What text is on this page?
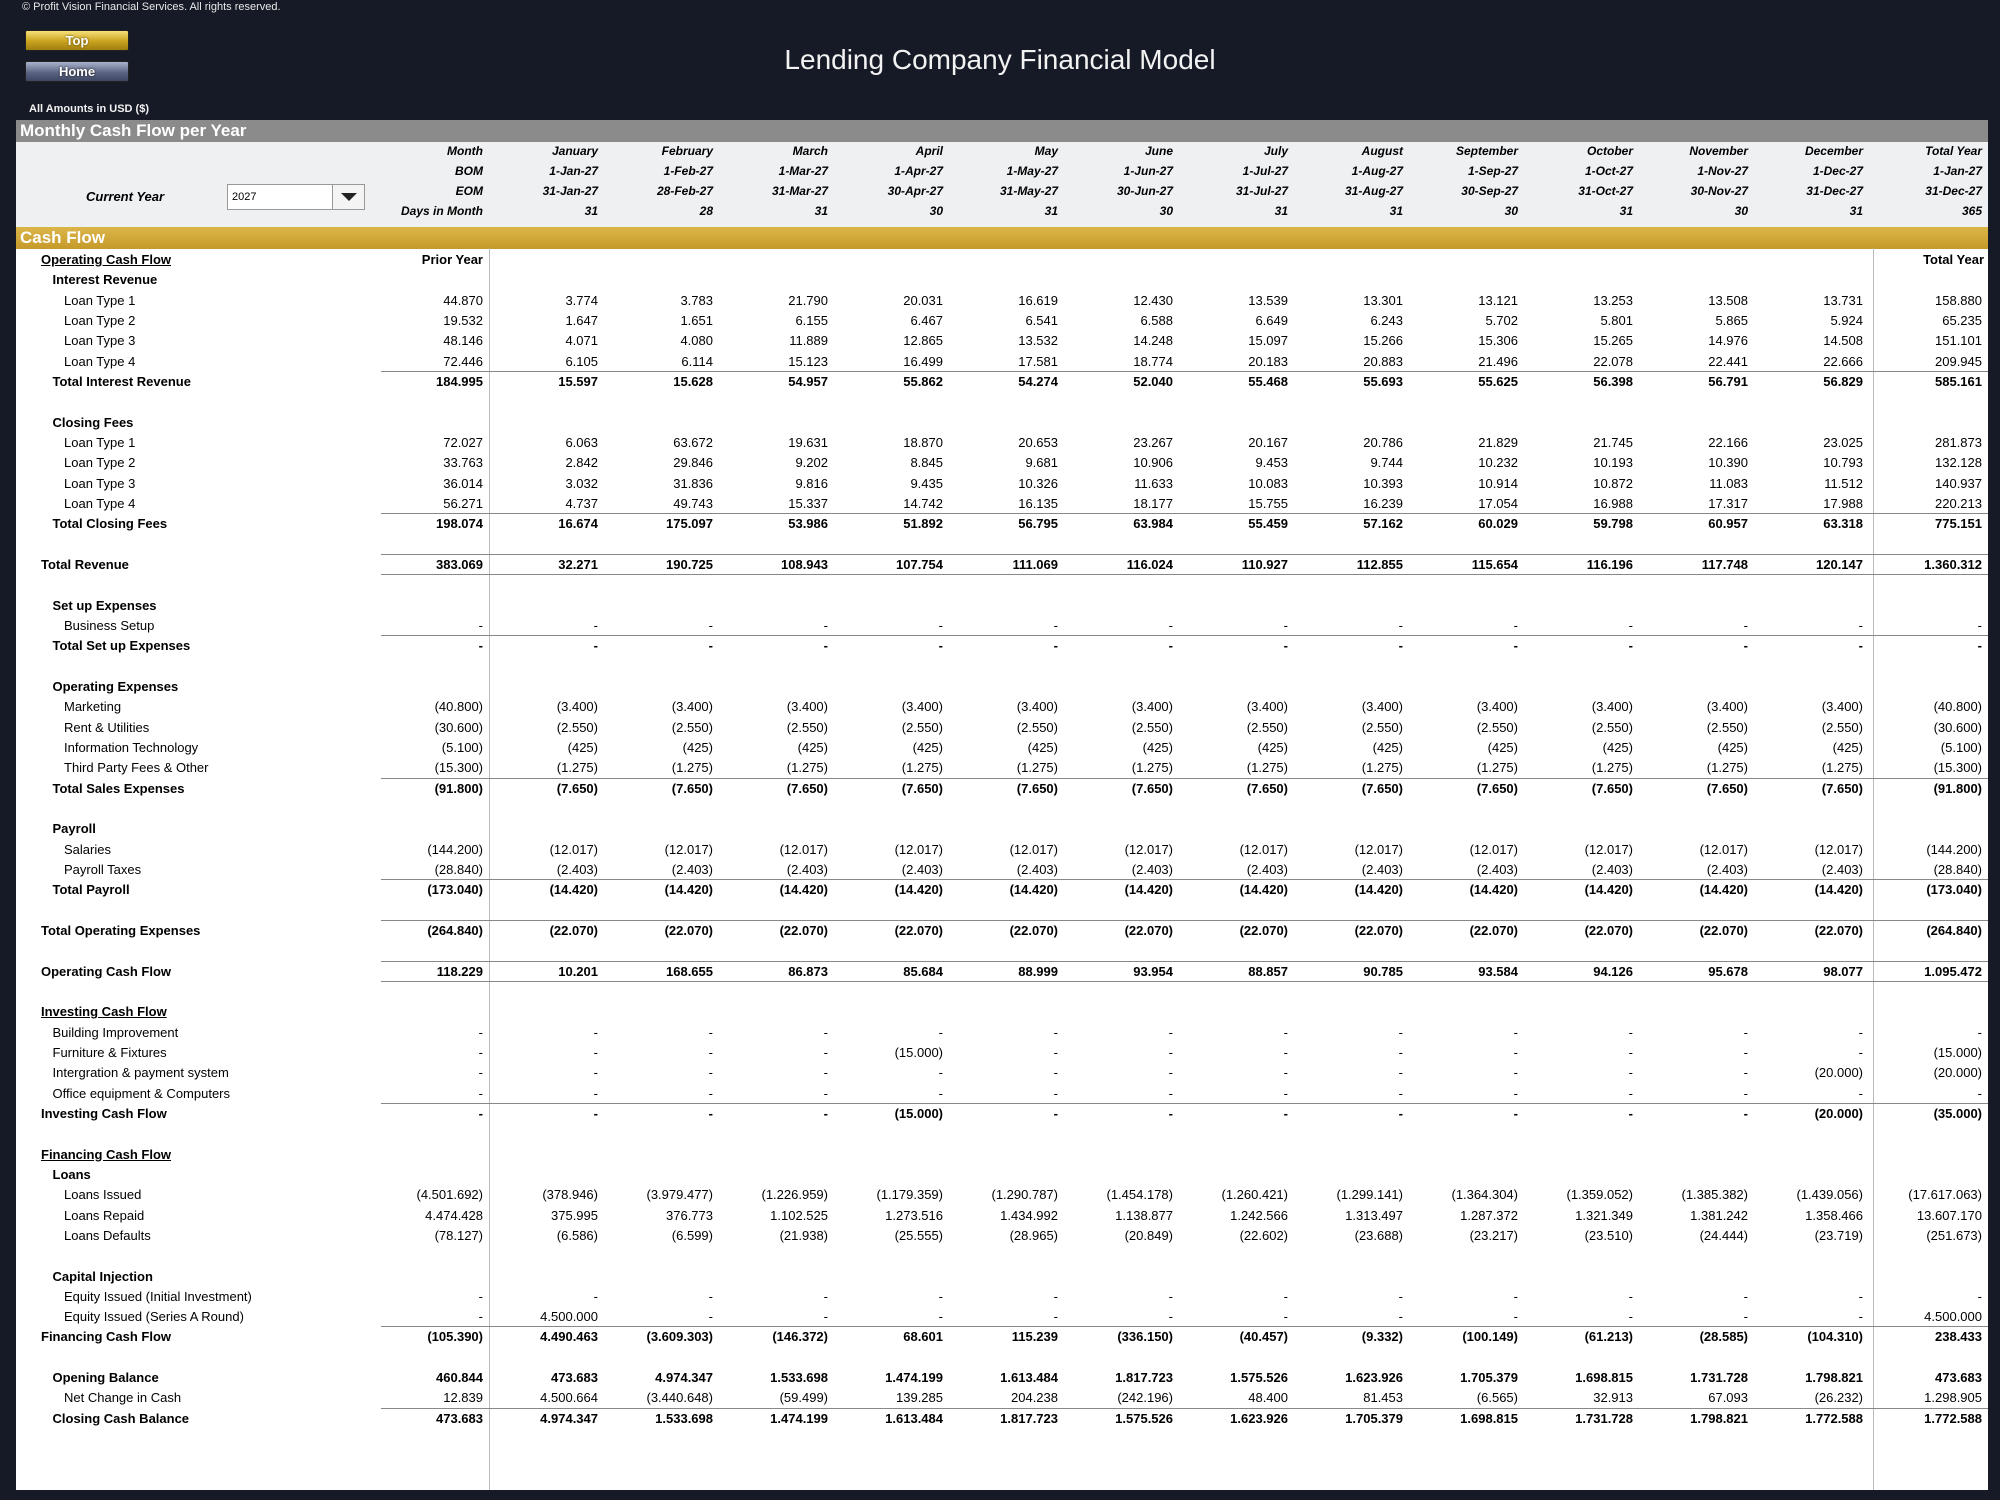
© Profit Vision Financial Services. All rights reserved.
Top
Home	Lending Company Financial Model
All Amounts in USD ($)
Monthly Cash Flow per Year
Current Year	2027
Month	January	February	March	April	May	June	July	August	September	October	November	December	Total Year
BOM	1-Jan-27	1-Feb-27	1-Mar-27	1-Apr-27	1-May-27	1-Jun-27	1-Jul-27	1-Aug-27	1-Sep-27	1-Oct-27	1-Nov-27	1-Dec-27	1-Jan-27
EOM	31-Jan-27	28-Feb-27	31-Mar-27	30-Apr-27	31-May-27	30-Jun-27	31-Jul-27	31-Aug-27	30-Sep-27	31-Oct-27	30-Nov-27	31-Dec-27	31-Dec-27
Days in Month	31	28	31	30	31	30	31	31	30	31	30	31	365
Cash Flow
Prior Year	Total Year
Operating Cash Flow
Interest Revenue
Loan Type 1	44.870	3.774	3.783	21.790	20.031	16.619	12.430	13.539	13.301	13.121	13.253	13.508	13.731	158.880
Loan Type 2	19.532	1.647	1.651	6.155	6.467	6.541	6.588	6.649	6.243	5.702	5.801	5.865	5.924	65.235
Loan Type 3	48.146	4.071	4.080	11.889	12.865	13.532	14.248	15.097	15.266	15.306	15.265	14.976	14.508	151.101
Loan Type 4	72.446	6.105	6.114	15.123	16.499	17.581	18.774	20.183	20.883	21.496	22.078	22.441	22.666	209.945
Total Interest Revenue	184.995	15.597	15.628	54.957	55.862	54.274	52.040	55.468	55.693	55.625	56.398	56.791	56.829	585.161
Closing Fees
Loan Type 1	72.027	6.063	63.672	19.631	18.870	20.653	23.267	20.167	20.786	21.829	21.745	22.166	23.025	281.873
Loan Type 2	33.763	2.842	29.846	9.202	8.845	9.681	10.906	9.453	9.744	10.232	10.193	10.390	10.793	132.128
Loan Type 3	36.014	3.032	31.836	9.816	9.435	10.326	11.633	10.083	10.393	10.914	10.872	11.083	11.512	140.937
Loan Type 4	56.271	4.737	49.743	15.337	14.742	16.135	18.177	15.755	16.239	17.054	16.988	17.317	17.988	220.213
Total Closing Fees	198.074	16.674	175.097	53.986	51.892	56.795	63.984	55.459	57.162	60.029	59.798	60.957	63.318	775.151
Total Revenue	383.069	32.271	190.725	108.943	107.754	111.069	116.024	110.927	112.855	115.654	116.196	117.748	120.147	1.360.312
Set up Expenses
Business Setup	-	-	-	-	-	-	-	-	-	-	-	-	-	-
Total Set up Expenses	-	-	-	-	-	-	-	-	-	-	-	-	-	-
Operating Expenses
Marketing	(40.800)	(3.400)	(3.400)	(3.400)	(3.400)	(3.400)	(3.400)	(3.400)	(3.400)	(3.400)	(3.400)	(3.400)	(3.400)	(40.800)
Rent & Utilities	(30.600)	(2.550)	(2.550)	(2.550)	(2.550)	(2.550)	(2.550)	(2.550)	(2.550)	(2.550)	(2.550)	(2.550)	(2.550)	(30.600)
Information Technology	(5.100)	(425)	(425)	(425)	(425)	(425)	(425)	(425)	(425)	(425)	(425)	(425)	(425)	(5.100)
Third Party Fees & Other	(15.300)	(1.275)	(1.275)	(1.275)	(1.275)	(1.275)	(1.275)	(1.275)	(1.275)	(1.275)	(1.275)	(1.275)	(1.275)	(15.300)
Total Sales Expenses	(91.800)	(7.650)	(7.650)	(7.650)	(7.650)	(7.650)	(7.650)	(7.650)	(7.650)	(7.650)	(7.650)	(7.650)	(7.650)	(91.800)
Payroll
Salaries	(144.200)	(12.017)	(12.017)	(12.017)	(12.017)	(12.017)	(12.017)	(12.017)	(12.017)	(12.017)	(12.017)	(12.017)	(12.017)	(144.200)
Payroll Taxes	(28.840)	(2.403)	(2.403)	(2.403)	(2.403)	(2.403)	(2.403)	(2.403)	(2.403)	(2.403)	(2.403)	(2.403)	(2.403)	(28.840)
Total Payroll	(173.040)	(14.420)	(14.420)	(14.420)	(14.420)	(14.420)	(14.420)	(14.420)	(14.420)	(14.420)	(14.420)	(14.420)	(14.420)	(173.040)
Total Operating Expenses	(264.840)	(22.070)	(22.070)	(22.070)	(22.070)	(22.070)	(22.070)	(22.070)	(22.070)	(22.070)	(22.070)	(22.070)	(22.070)	(264.840)
Operating Cash Flow	118.229	10.201	168.655	86.873	85.684	88.999	93.954	88.857	90.785	93.584	94.126	95.678	98.077	1.095.472
Investing Cash Flow
Building Improvement	-	-	-	-	-	-	-	-	-	-	-	-	-	-
Furniture & Fixtures	-	-	-	-	(15.000)	-	-	-	-	-	-	-	-	(15.000)
Intergration & payment system	-	-	-	-	-	-	-	-	-	-	-	-	(20.000)	(20.000)
Office equipment & Computers	-	-	-	-	-	-	-	-	-	-	-	-	-	-
Investing Cash Flow	-	-	-	-	(15.000)	-	-	-	-	-	-	-	(20.000)	(35.000)
Financing Cash Flow
Loans
Loans Issued	(4.501.692)	(378.946)	(3.979.477)	(1.226.959)	(1.179.359)	(1.290.787)	(1.454.178)	(1.260.421)	(1.299.141)	(1.364.304)	(1.359.052)	(1.385.382)	(1.439.056)	(17.617.063)
Loans Repaid	4.474.428	375.995	376.773	1.102.525	1.273.516	1.434.992	1.138.877	1.242.566	1.313.497	1.287.372	1.321.349	1.381.242	1.358.466	13.607.170
Loans Defaults	(78.127)	(6.586)	(6.599)	(21.938)	(25.555)	(28.965)	(20.849)	(22.602)	(23.688)	(23.217)	(23.510)	(24.444)	(23.719)	(251.673)
Capital Injection
Equity Issued (Initial Investment)	-	-	-	-	-	-	-	-	-	-	-	-	-	-
Equity Issued (Series A Round)	-	4.500.000	-	-	-	-	-	-	-	-	-	-	-	4.500.000
Financing Cash Flow	(105.390)	4.490.463	(3.609.303)	(146.372)	68.601	115.239	(336.150)	(40.457)	(9.332)	(100.149)	(61.213)	(28.585)	(104.310)	238.433
Opening Balance	460.844	473.683	4.974.347	1.533.698	1.474.199	1.613.484	1.817.723	1.575.526	1.623.926	1.705.379	1.698.815	1.731.728	1.798.821	473.683
Net Change in Cash	12.839	4.500.664	(3.440.648)	(59.499)	139.285	204.238	(242.196)	48.400	81.453	(6.565)	32.913	67.093	(26.232)	1.298.905
Closing Cash Balance	473.683	4.974.347	1.533.698	1.474.199	1.613.484	1.817.723	1.575.526	1.623.926	1.705.379	1.698.815	1.731.728	1.798.821	1.772.588	1.772.588
